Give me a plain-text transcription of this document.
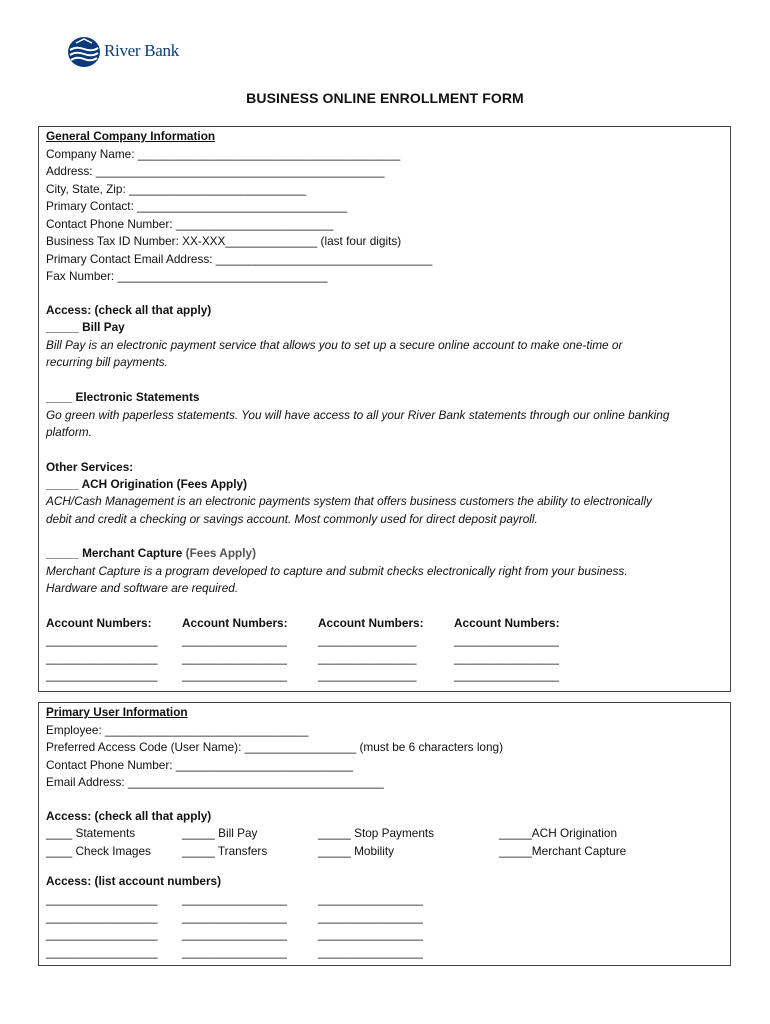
River Bank
BUSINESS ONLINE ENROLLMENT FORM
General Company Information
Company Name: ________________________________________
Address: ____________________________________________
City, State, Zip: ___________________________
Primary Contact: ________________________________
Contact Phone Number: ________________________
Business Tax ID Number: XX-XXX______________ (last four digits)
Primary Contact Email Address: _________________________________
Fax Number: ________________________________
Access: (check all that apply)
_____ Bill Pay
Bill Pay is an electronic payment service that allows you to set up a secure online account to make one-time or
recurring bill payments.
____ Electronic Statements
Go green with paperless statements. You will have access to all your River Bank statements through our online banking
platform.
Other Services:
_____ ACH Origination (Fees Apply)
ACH/Cash Management is an electronic payments system that offers business customers the ability to electronically
debit and credit a checking or savings account. Most commonly used for direct deposit payroll.
_____ Merchant Capture (Fees Apply)
Merchant Capture is a program developed to capture and submit checks electronically right from your business.
Hardware and software are required.
Account Numbers:	Account Numbers:	Account Numbers:	Account Numbers:
_________________ ________________	_______________	________________
_________________ ________________	_______________	________________
_________________ ________________	_______________	________________
Primary User Information
Employee: _______________________________
Preferred Access Code (User Name): _________________ (must be 6 characters long)
Contact Phone Number: ___________________________
Email Address: _______________________________________
Access: (check all that apply)
____ Statements	_____ Bill Pay	_____ Stop Payments	_____ACH Origination
____ Check Images	_____ Transfers	_____ Mobility	_____Merchant Capture
Access: (list account numbers)
_________________ ________________	________________
_________________ ________________	________________
_________________ ________________	________________
_________________ ________________	________________
